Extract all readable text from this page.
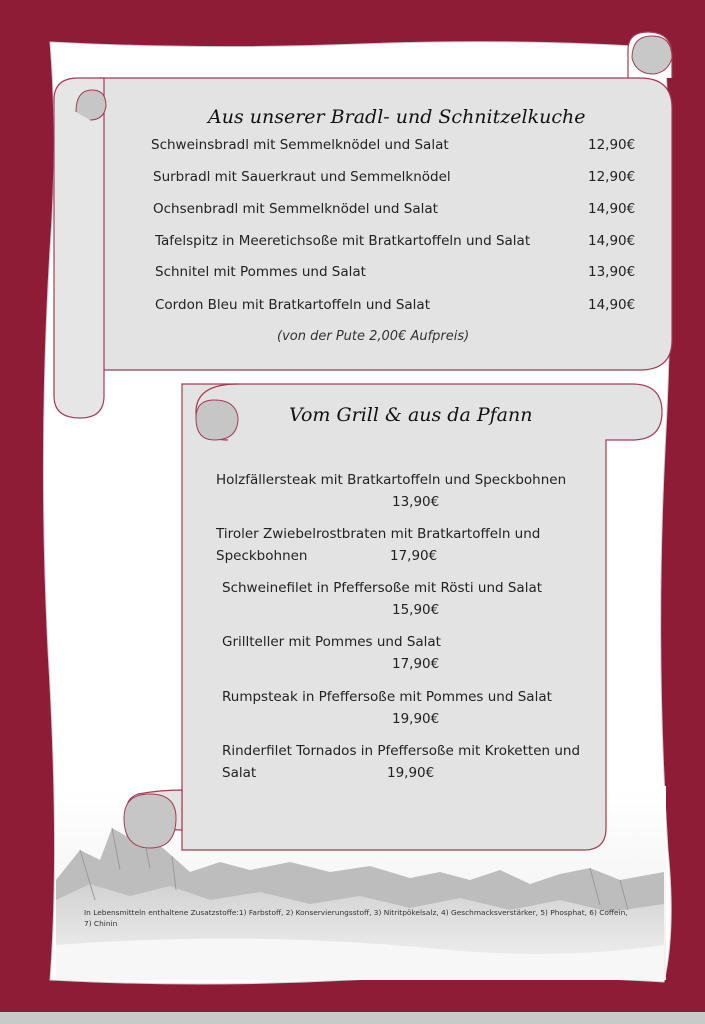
Aus unserer Bradl- und Schnitzelkuche
Schweinsbradl mit Semmelknödel und Salat	12,90€
Surbradl mit Sauerkraut und Semmelknödel	12,90€
Ochsenbradl mit Semmelknödel und Salat	14,90€
Tafelspitz in Meeretichsoße mit Bratkartoffeln und Salat	14,90€
Schnitel mit Pommes und Salat	13,90€
Cordon Bleu mit Bratkartoffeln und Salat	14,90€
(von der Pute 2,00€ Aufpreis)
Vom Grill & aus da Pfann
Holzfällersteak mit Bratkartoffeln und Speckbohnen
13,90€
Tiroler Zwiebelrostbraten mit Bratkartoffeln und
Speckbohnen	17,90€
Schweinefilet in Pfeffersoße mit Rösti und Salat
15,90€
Grillteller mit Pommes und Salat
17,90€
Rumpsteak in Pfeffersoße mit Pommes und Salat
19,90€
Rinderfilet Tornados in Pfeffersoße mit Kroketten und
Salat	19,90€
In Lebensmitteln enthaltene Zusatzstoffe:1) Farbstoff, 2) Konservierungsstoff, 3) Nitritpökelsalz, 4) Geschmacksverstärker, 5) Phosphat, 6) Coffein, 7) Chinin
